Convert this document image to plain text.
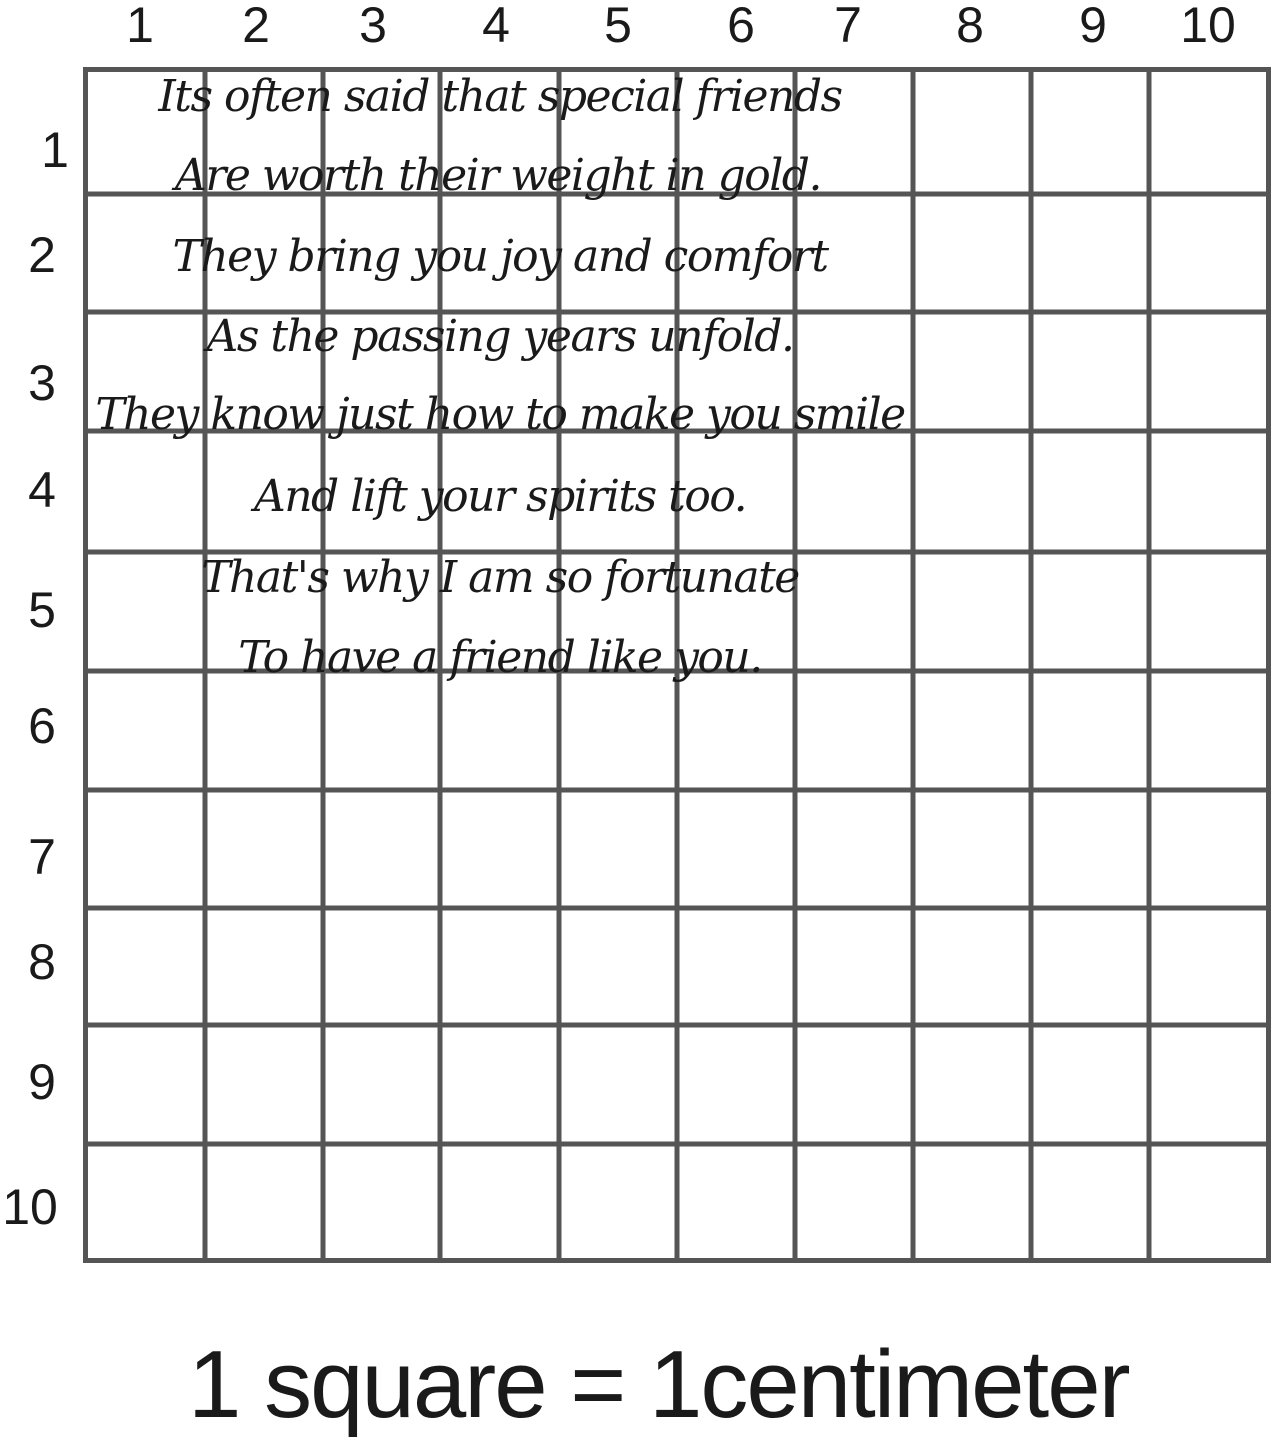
1 2 3 4 5 6 7 8 9 10
1
2
3
4
5
6
7
8
9
10
Its often said that special friends
Are worth their weight in gold.
They bring you joy and comfort
As the passing years unfold.
They know just how to make you smile
And lift your spirits too.
That's why I am so fortunate
To have a friend like you.
1 square = 1centimeter
